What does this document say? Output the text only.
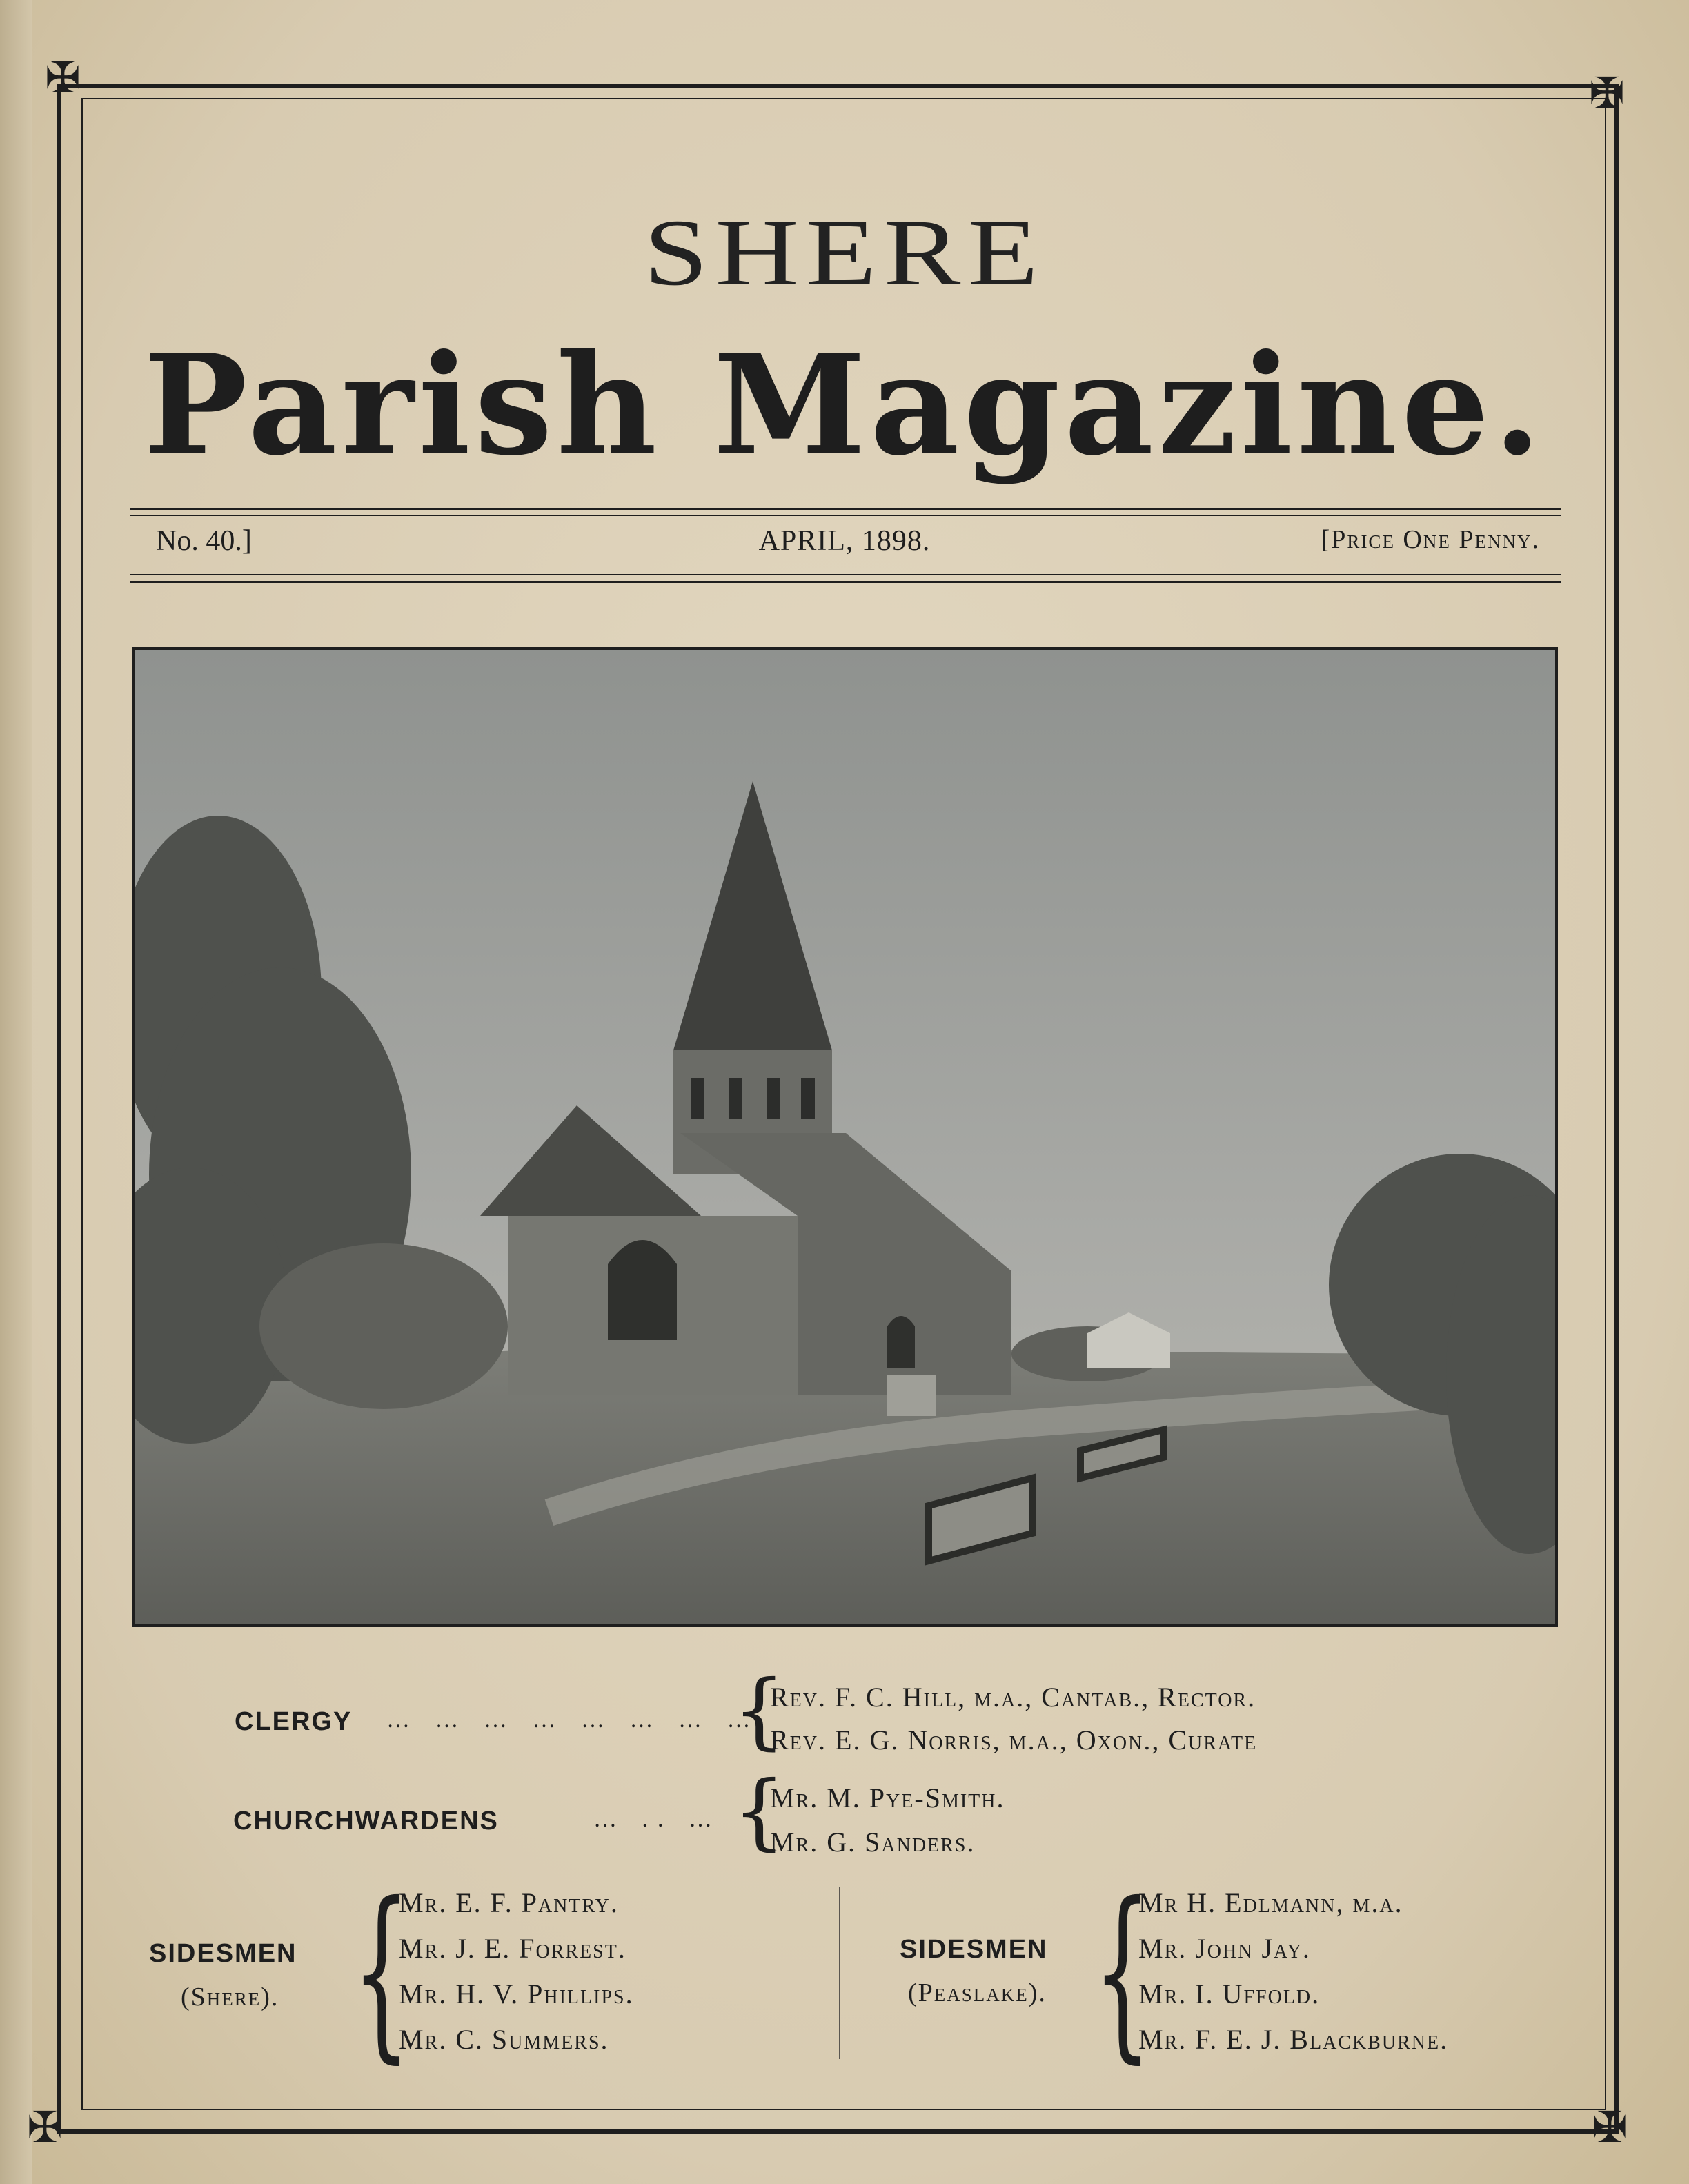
✠	✠
✠	✠
SHERE
Parish Magazine.
No. 40.]	APRIL, 1898.	[Price One Penny.
CLERGY … … … … … … … …
{
Rev. F. C. Hill, m.a., Cantab., Rector.
Rev. E. G. Norris, m.a., Oxon., Curate
CHURCHWARDENS	… .. … {
Mr. M. Pye-Smith.
Mr. G. Sanders.
SIDESMEN
(Shere). {
Mr. E. F. Pantry.
Mr. J. E. Forrest.
Mr. H. V. Phillips.
Mr. C. Summers.
SIDESMEN
(Peaslake). {
Mr H. Edlmann, m.a.
Mr. John Jay.
Mr. I. Uffold.
Mr. F. E. J. Blackburne.
